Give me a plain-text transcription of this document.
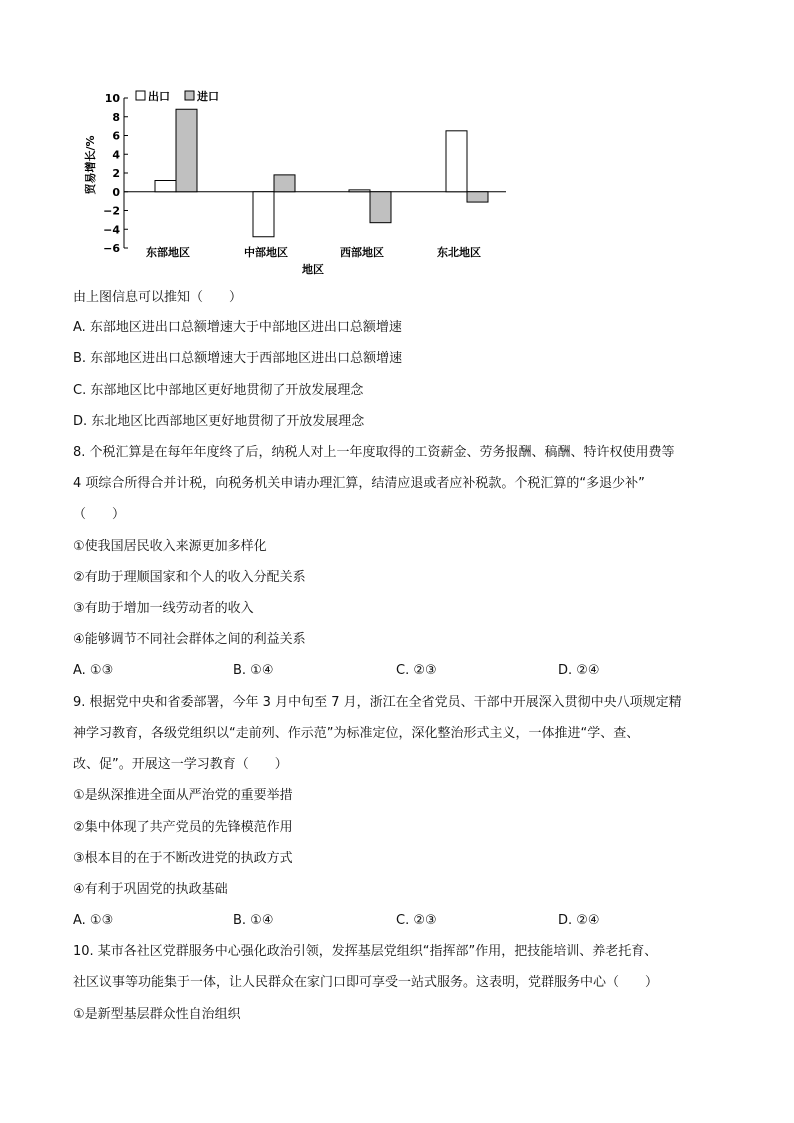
10
8
6
4
2
0
−2
−4
−6
贸易增长/%
东部地区	中部地区	西部地区	东北地区
地区
出口 进口
由上图信息可以推知（　　）
A. 东部地区进出口总额增速大于中部地区进出口总额增速
B. 东部地区进出口总额增速大于西部地区进出口总额增速
C. 东部地区比中部地区更好地贯彻了开放发展理念
D. 东北地区比西部地区更好地贯彻了开放发展理念
8. 个税汇算是在每年年度终了后，纳税人对上一年度取得的工资薪金、劳务报酬、稿酬、特许权使用费等
4 项综合所得合并计税，向税务机关申请办理汇算，结清应退或者应补税款。个税汇算的“多退少补”
（　　）
①使我国居民收入来源更加多样化
②有助于理顺国家和个人的收入分配关系
③有助于增加一线劳动者的收入
④能够调节不同社会群体之间的利益关系
A. ①③	B. ①④	C. ②③	D. ②④
9. 根据党中央和省委部署，今年 3 月中旬至 7 月，浙江在全省党员、干部中开展深入贯彻中央八项规定精
神学习教育，各级党组织以“走前列、作示范”为标准定位，深化整治形式主义，一体推进“学、查、
改、促”。开展这一学习教育（　　）
①是纵深推进全面从严治党的重要举措
②集中体现了共产党员的先锋模范作用
③根本目的在于不断改进党的执政方式
④有利于巩固党的执政基础
A. ①③	B. ①④	C. ②③	D. ②④
10. 某市各社区党群服务中心强化政治引领，发挥基层党组织“指挥部”作用，把技能培训、养老托育、
社区议事等功能集于一体，让人民群众在家门口即可享受一站式服务。这表明，党群服务中心（　　）
①是新型基层群众性自治组织
